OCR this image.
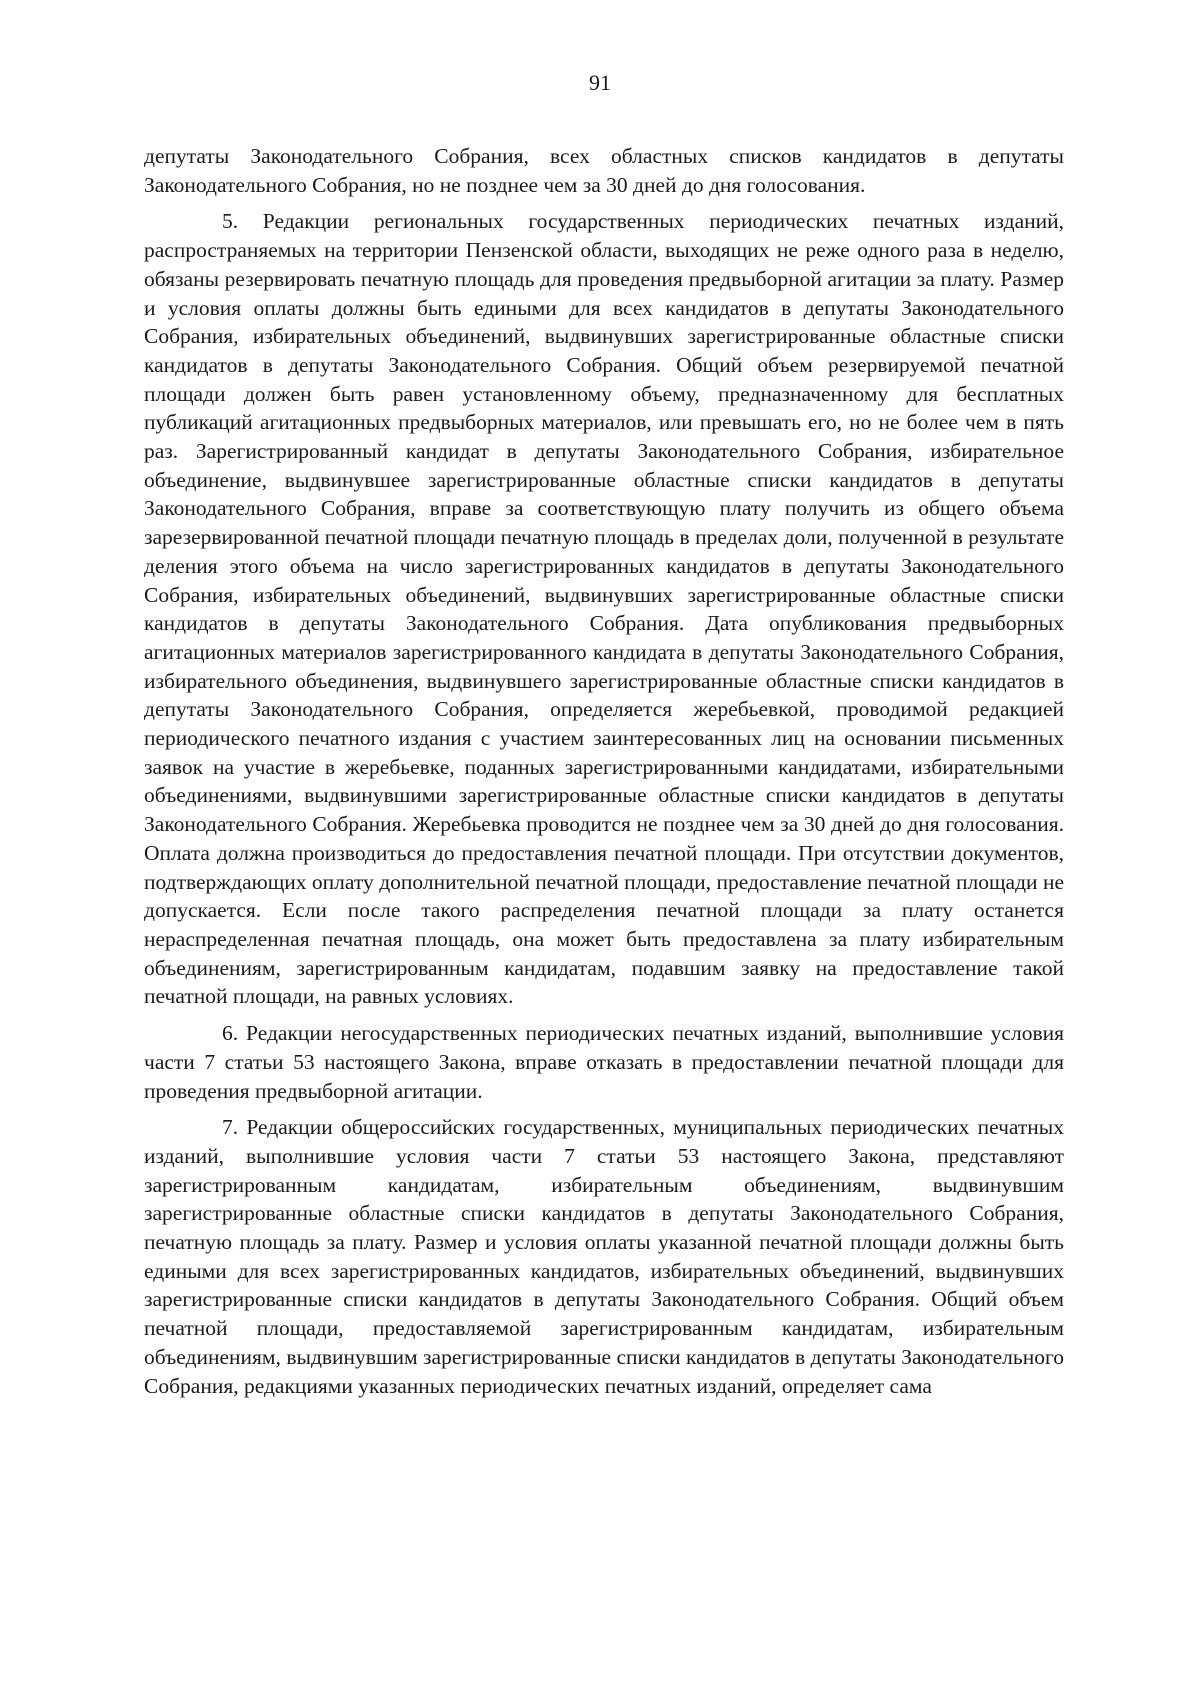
91

депутаты Законодательного Собрания, всех областных списков кандидатов в депутаты Законодательного Собрания, но не позднее чем за 30 дней до дня голосования.

5. Редакции региональных государственных периодических печатных изданий, распространяемых на территории Пензенской области, выходящих не реже одного раза в неделю, обязаны резервировать печатную площадь для проведения предвыборной агитации за плату. Размер и условия оплаты должны быть едиными для всех кандидатов в депутаты Законодательного Собрания, избирательных объединений, выдвинувших зарегистрированные областные списки кандидатов в депутаты Законодательного Собрания. Общий объем резервируемой печатной площади должен быть равен установленному объему, предназначенному для бесплатных публикаций агитационных предвыборных материалов, или превышать его, но не более чем в пять раз. Зарегистрированный кандидат в депутаты Законодательного Собрания, избирательное объединение, выдвинувшее зарегистрированные областные списки кандидатов в депутаты Законодательного Собрания, вправе за соответствующую плату получить из общего объема зарезервированной печатной площади печатную площадь в пределах доли, полученной в результате деления этого объема на число зарегистрированных кандидатов в депутаты Законодательного Собрания, избирательных объединений, выдвинувших зарегистрированные областные списки кандидатов в депутаты Законодательного Собрания. Дата опубликования предвыборных агитационных материалов зарегистрированного кандидата в депутаты Законодательного Собрания, избирательного объединения, выдвинувшего зарегистрированные областные списки кандидатов в депутаты Законодательного Собрания, определяется жеребьевкой, проводимой редакцией периодического печатного издания с участием заинтересованных лиц на основании письменных заявок на участие в жеребьевке, поданных зарегистрированными кандидатами, избирательными объединениями, выдвинувшими зарегистрированные областные списки кандидатов в депутаты Законодательного Собрания. Жеребьевка проводится не позднее чем за 30 дней до дня голосования. Оплата должна производиться до предоставления печатной площади. При отсутствии документов, подтверждающих оплату дополнительной печатной площади, предоставление печатной площади не допускается. Если после такого распределения печатной площади за плату останется нераспределенная печатная площадь, она может быть предоставлена за плату избирательным объединениям, зарегистрированным кандидатам, подавшим заявку на предоставление такой печатной площади, на равных условиях.

6. Редакции негосударственных периодических печатных изданий, выполнившие условия части 7 статьи 53 настоящего Закона, вправе отказать в предоставлении печатной площади для проведения предвыборной агитации.

7. Редакции общероссийских государственных, муниципальных периодических печатных изданий, выполнившие условия части 7 статьи 53 настоящего Закона, представляют зарегистрированным кандидатам, избирательным объединениям, выдвинувшим зарегистрированные областные списки кандидатов в депутаты Законодательного Собрания, печатную площадь за плату. Размер и условия оплаты указанной печатной площади должны быть едиными для всех зарегистрированных кандидатов, избирательных объединений, выдвинувших зарегистрированные списки кандидатов в депутаты Законодательного Собрания. Общий объем печатной площади, предоставляемой зарегистрированным кандидатам, избирательным объединениям, выдвинувшим зарегистрированные списки кандидатов в депутаты Законодательного Собрания, редакциями указанных периодических печатных изданий, определяет сама
